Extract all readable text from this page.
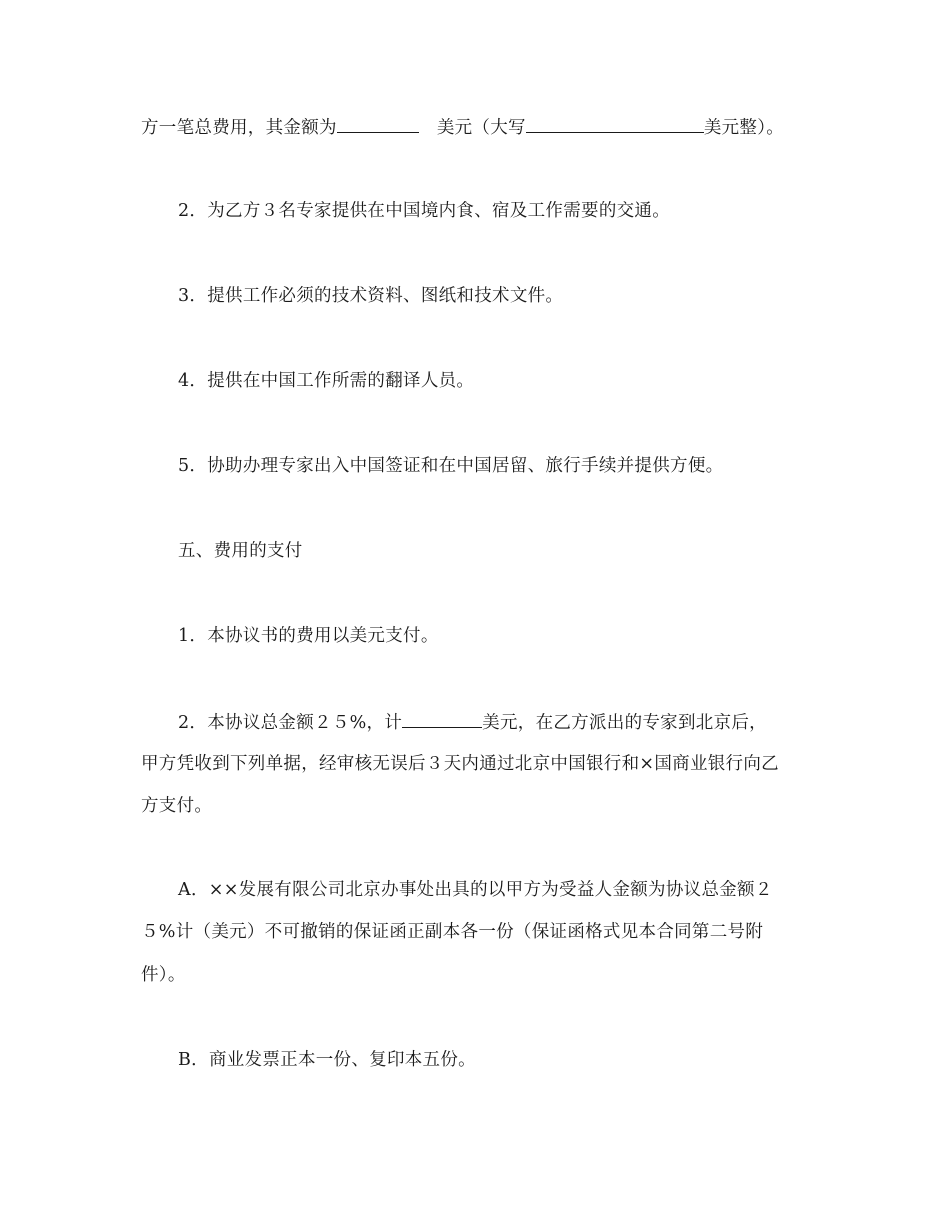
方一笔总费用，其金额为	美元（大写	美元整）。
2．为乙方３名专家提供在中国境内食、宿及工作需要的交通。
3．提供工作必须的技术资料、图纸和技术文件。
4．提供在中国工作所需的翻译人员。
5．协助办理专家出入中国签证和在中国居留、旅行手续并提供方便。
五、费用的支付
1．本协议书的费用以美元支付。
2．本协议总金额２５%，计	美元，在乙方派出的专家到北京后，
甲方凭收到下列单据，经审核无误后３天内通过北京中国银行和×国商业银行向乙
方支付。
A．××发展有限公司北京办事处出具的以甲方为受益人金额为协议总金额２
５%计（美元）不可撤销的保证函正副本各一份（保证函格式见本合同第二号附
件）。
B．商业发票正本一份、复印本五份。
